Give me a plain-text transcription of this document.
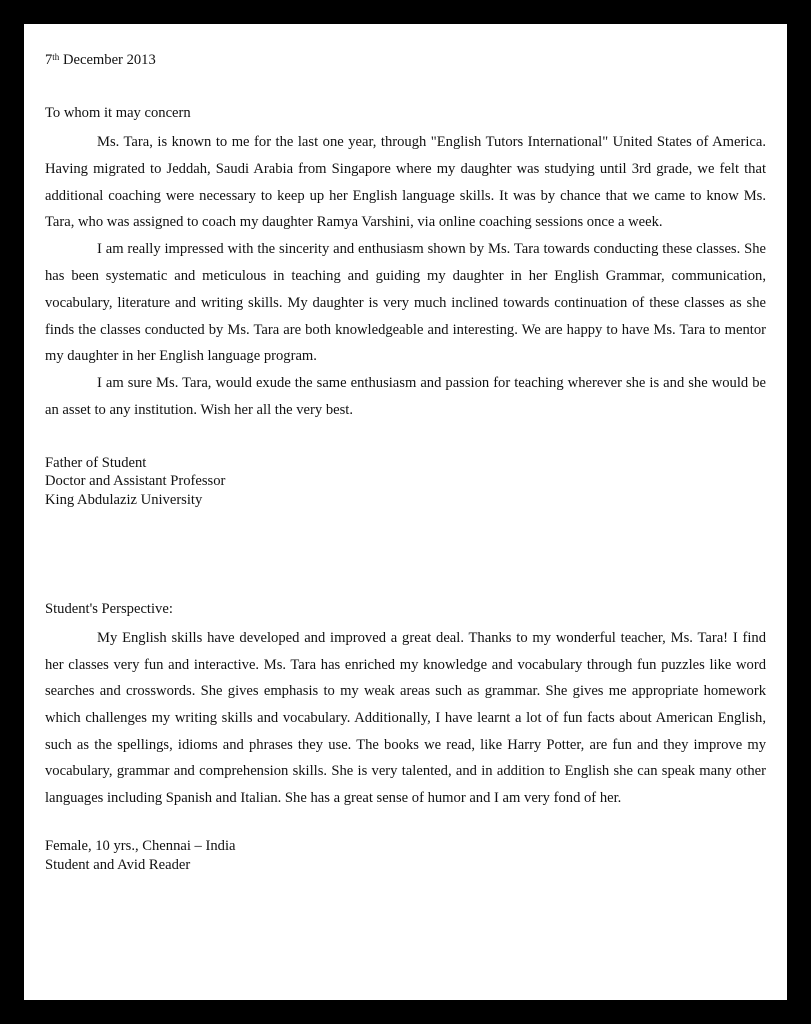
7th December 2013

To whom it may concern

Ms. Tara, is known to me for the last one year, through "English Tutors International" United States of America. Having migrated to Jeddah, Saudi Arabia from Singapore where my daughter was studying until 3rd grade, we felt that additional coaching were necessary to keep up her English language skills. It was by chance that we came to know Ms. Tara, who was assigned to coach my daughter Ramya Varshini, via online coaching sessions once a week.

I am really impressed with the sincerity and enthusiasm shown by Ms. Tara towards conducting these classes. She has been systematic and meticulous in teaching and guiding my daughter in her English Grammar, communication, vocabulary, literature and writing skills. My daughter is very much inclined towards continuation of these classes as she finds the classes conducted by Ms. Tara are both knowledgeable and interesting. We are happy to have Ms. Tara to mentor my daughter in her English language program.

I am sure Ms. Tara, would exude the same enthusiasm and passion for teaching wherever she is and she would be an asset to any institution. Wish her all the very best.

Father of Student

Doctor and Assistant Professor

King Abdulaziz University

Student's Perspective:

My English skills have developed and improved a great deal. Thanks to my wonderful teacher, Ms. Tara! I find her classes very fun and interactive. Ms. Tara has enriched my knowledge and vocabulary through fun puzzles like word searches and crosswords. She gives emphasis to my weak areas such as grammar. She gives me appropriate homework which challenges my writing skills and vocabulary. Additionally, I have learnt a lot of fun facts about American English, such as the spellings, idioms and phrases they use. The books we read, like Harry Potter, are fun and they improve my vocabulary, grammar and comprehension skills. She is very talented, and in addition to English she can speak many other languages including Spanish and Italian. She has a great sense of humor and I am very fond of her.

Female, 10 yrs., Chennai – India

Student and Avid Reader
